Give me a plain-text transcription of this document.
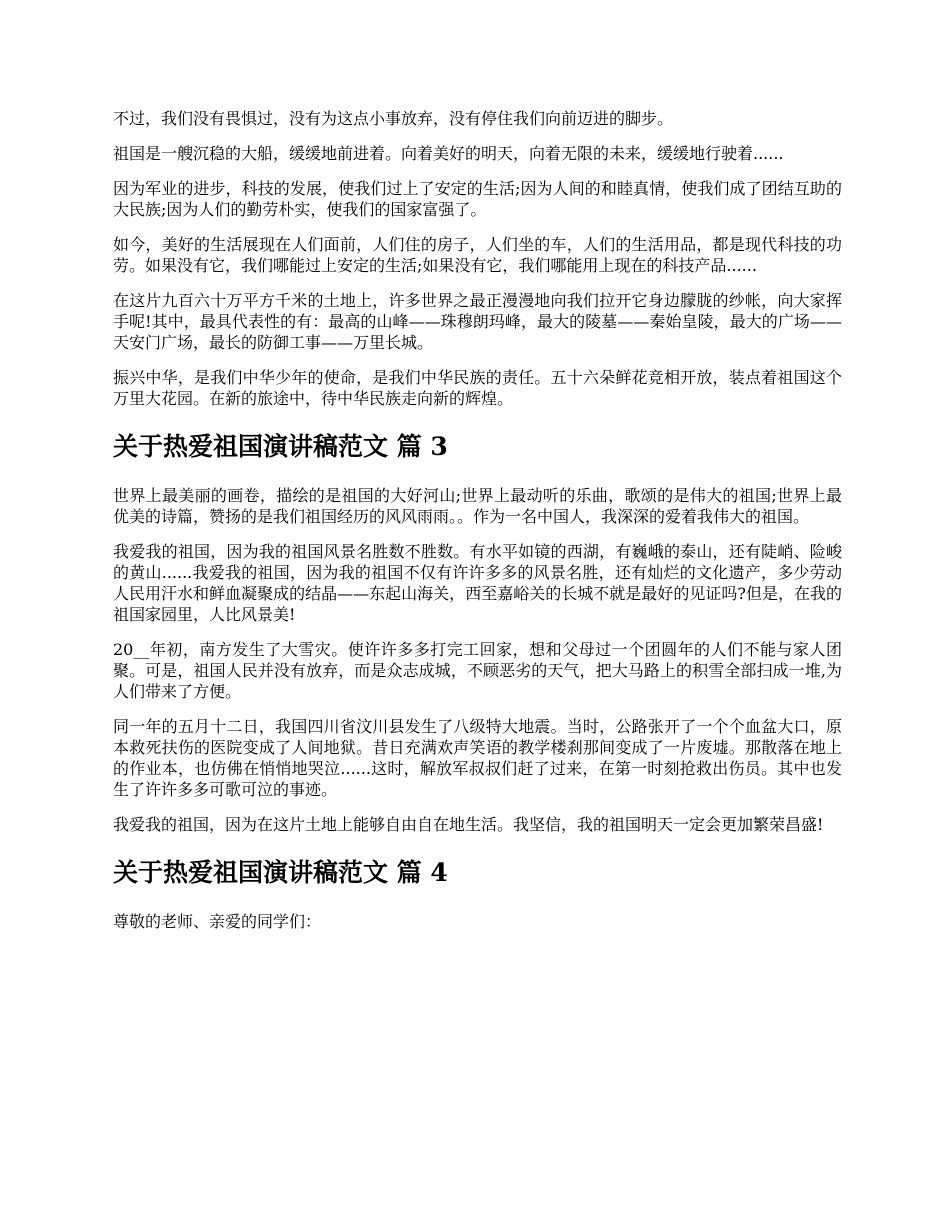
不过，我们没有畏惧过，没有为这点小事放弃，没有停住我们向前迈进的脚步。

祖国是一艘沉稳的大船，缓缓地前进着。向着美好的明天，向着无限的未来，缓缓地行驶着......

因为军业的进步，科技的发展，使我们过上了安定的生活;因为人间的和睦真情，使我们成了团结互助的大民族;因为人们的勤劳朴实，使我们的国家富强了。

如今，美好的生活展现在人们面前，人们住的房子，人们坐的车，人们的生活用品，都是现代科技的功劳。如果没有它，我们哪能过上安定的生活;如果没有它，我们哪能用上现在的科技产品......

在这片九百六十万平方千米的土地上，许多世界之最正漫漫地向我们拉开它身边朦胧的纱帐，向大家挥手呢!其中，最具代表性的有：最高的山峰——珠穆朗玛峰，最大的陵墓——秦始皇陵，最大的广场——天安门广场，最长的防御工事——万里长城。

振兴中华，是我们中华少年的使命，是我们中华民族的责任。五十六朵鲜花竞相开放，装点着祖国这个万里大花园。在新的旅途中，待中华民族走向新的辉煌。

关于热爱祖国演讲稿范文 篇 3

世界上最美丽的画卷，描绘的是祖国的大好河山;世界上最动听的乐曲，歌颂的是伟大的祖国;世界上最优美的诗篇，赞扬的是我们祖国经历的风风雨雨。。作为一名中国人，我深深的爱着我伟大的祖国。

我爱我的祖国，因为我的祖国风景名胜数不胜数。有水平如镜的西湖，有巍峨的泰山，还有陡峭、险峻的黄山......我爱我的祖国，因为我的祖国不仅有许许多多的风景名胜，还有灿烂的文化遗产，多少劳动人民用汗水和鲜血凝聚成的结晶——东起山海关，西至嘉峪关的长城不就是最好的见证吗?但是，在我的祖国家园里，人比风景美!

20__年初，南方发生了大雪灾。使许许多多打完工回家，想和父母过一个团圆年的人们不能与家人团聚。可是，祖国人民并没有放弃，而是众志成城，不顾恶劣的天气，把大马路上的积雪全部扫成一堆,为人们带来了方便。

同一年的五月十二日，我国四川省汶川县发生了八级特大地震。当时，公路张开了一个个血盆大口，原本救死扶伤的医院变成了人间地狱。昔日充满欢声笑语的教学楼刹那间变成了一片废墟。那散落在地上的作业本，也仿佛在悄悄地哭泣......这时，解放军叔叔们赶了过来，在第一时刻抢救出伤员。其中也发生了许许多多可歌可泣的事迹。

我爱我的祖国，因为在这片土地上能够自由自在地生活。我坚信，我的祖国明天一定会更加繁荣昌盛!

关于热爱祖国演讲稿范文 篇 4

尊敬的老师、亲爱的同学们：
